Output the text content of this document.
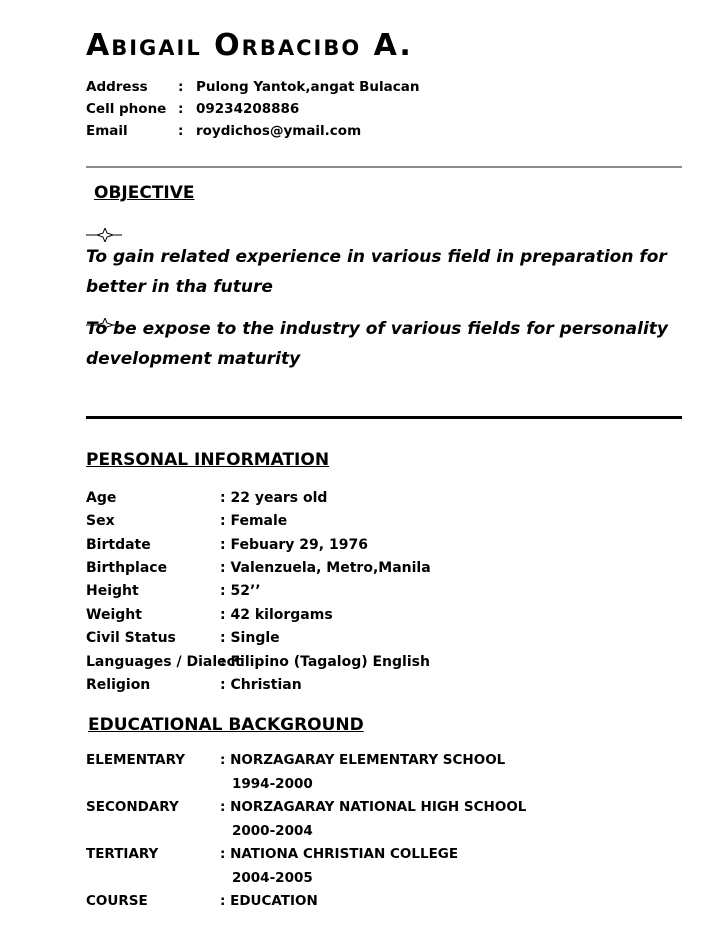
Abigail Orbacibo A.
Address : Pulong Yantok,angat Bulacan
Cell phone : 09234208886
Email	: roydichos@ymail.com
OBJECTIVE
To gain related experience in various field in preparation for better in tha future
To be expose to the industry of various fields for personality development maturity
PERSONAL INFORMATION
Age	: 22 years old
Sex	: Female
Birtdate	: Febuary 29, 1976
Birthplace	: Valenzuela, Metro,Manila
Height	: 52’’
Weight	: 42 kilorgams
Civil Status	: Single
Languages / Dialect: Filipino (Tagalog) English
Religion	: Christian
EDUCATIONAL BACKGROUND
ELEMENTARY	: NORZAGARAY ELEMENTARY SCHOOL
1994-2000
SECONDARY	: NORZAGARAY NATIONAL HIGH SCHOOL
2000-2004
TERTIARY	: NATIONA CHRISTIAN COLLEGE
2004-2005
COURSE	: EDUCATION
